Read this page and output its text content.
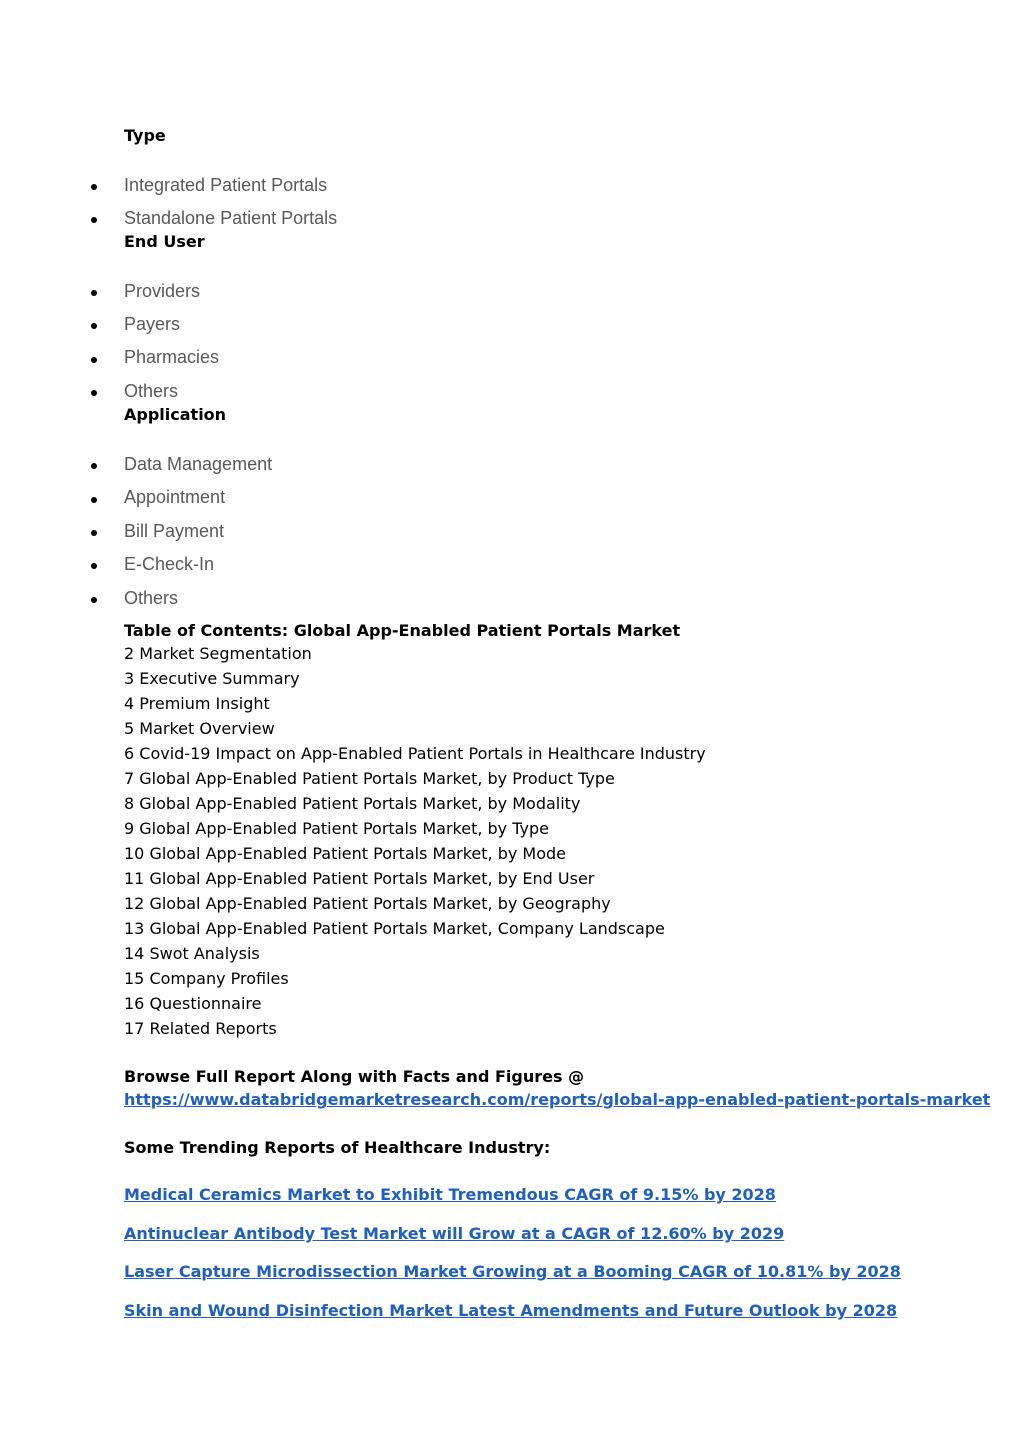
Type
Integrated Patient Portals
Standalone Patient Portals
End User
Providers
Payers
Pharmacies
Others
Application
Data Management
Appointment
Bill Payment
E-Check-In
Others
Table of Contents: Global App-Enabled Patient Portals Market
2 Market Segmentation
3 Executive Summary
4 Premium Insight
5 Market Overview
6 Covid-19 Impact on App-Enabled Patient Portals in Healthcare Industry
7 Global App-Enabled Patient Portals Market, by Product Type
8 Global App-Enabled Patient Portals Market, by Modality
9 Global App-Enabled Patient Portals Market, by Type
10 Global App-Enabled Patient Portals Market, by Mode
11 Global App-Enabled Patient Portals Market, by End User
12 Global App-Enabled Patient Portals Market, by Geography
13 Global App-Enabled Patient Portals Market, Company Landscape
14 Swot Analysis
15 Company Profiles
16 Questionnaire
17 Related Reports
Browse Full Report Along with Facts and Figures @
https://www.databridgemarketresearch.com/reports/global-app-enabled-patient-portals-market
Some Trending Reports of Healthcare Industry:
Medical Ceramics Market to Exhibit Tremendous CAGR of 9.15% by 2028
Antinuclear Antibody Test Market will Grow at a CAGR of 12.60% by 2029
Laser Capture Microdissection Market Growing at a Booming CAGR of 10.81% by 2028
Skin and Wound Disinfection Market Latest Amendments and Future Outlook by 2028
